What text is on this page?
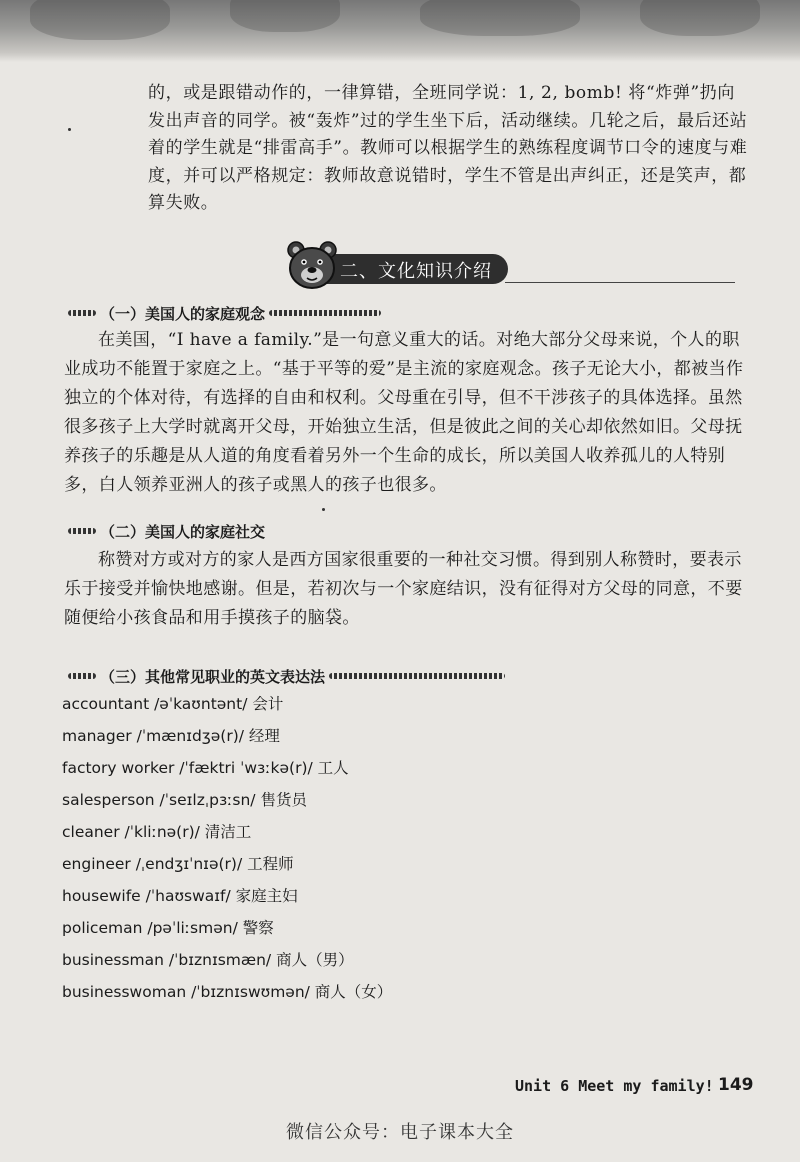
的，或是跟错动作的，一律算错，全班同学说：1, 2, bomb! 将“炸弹”扔向发出声音的同学。被“轰炸”过的学生坐下后，活动继续。几轮之后，最后还站着的学生就是“排雷高手”。教师可以根据学生的熟练程度调节口令的速度与难度，并可以严格规定：教师故意说错时，学生不管是出声纠正，还是笑声，都算失败。

二、文化知识介绍
（一）美国人的家庭观念

在美国，“I have a family.”是一句意义重大的话。对绝大部分父母来说，个人的职业成功不能置于家庭之上。“基于平等的爱”是主流的家庭观念。孩子无论大小，都被当作独立的个体对待，有选择的自由和权利。父母重在引导，但不干涉孩子的具体选择。虽然很多孩子上大学时就离开父母，开始独立生活，但是彼此之间的关心却依然如旧。父母抚养孩子的乐趣是从人道的角度看着另外一个生命的成长，所以美国人收养孤儿的人特别多，白人领养亚洲人的孩子或黑人的孩子也很多。

（二）美国人的家庭社交

称赞对方或对方的家人是西方国家很重要的一种社交习惯。得到别人称赞时，要表示乐于接受并愉快地感谢。但是，若初次与一个家庭结识，没有征得对方父母的同意，不要随便给小孩食品和用手摸孩子的脑袋。

（三）其他常见职业的英文表达法
accountant /əˈkaʊntənt/ 会计
manager /ˈmænɪdʒə(r)/ 经理
factory worker /ˈfæktri ˈwɜːkə(r)/ 工人
salesperson /ˈseɪlzˌpɜːsn/ 售货员
cleaner /ˈkliːnə(r)/ 清洁工
engineer /ˌendʒɪˈnɪə(r)/ 工程师
housewife /ˈhaʊswaɪf/ 家庭主妇
policeman /pəˈliːsmən/ 警察
businessman /ˈbɪznɪsmæn/ 商人（男）
businesswoman /ˈbɪznɪswʊmən/ 商人（女）
Unit 6 Meet my family! 149
微信公众号：电子课本大全
